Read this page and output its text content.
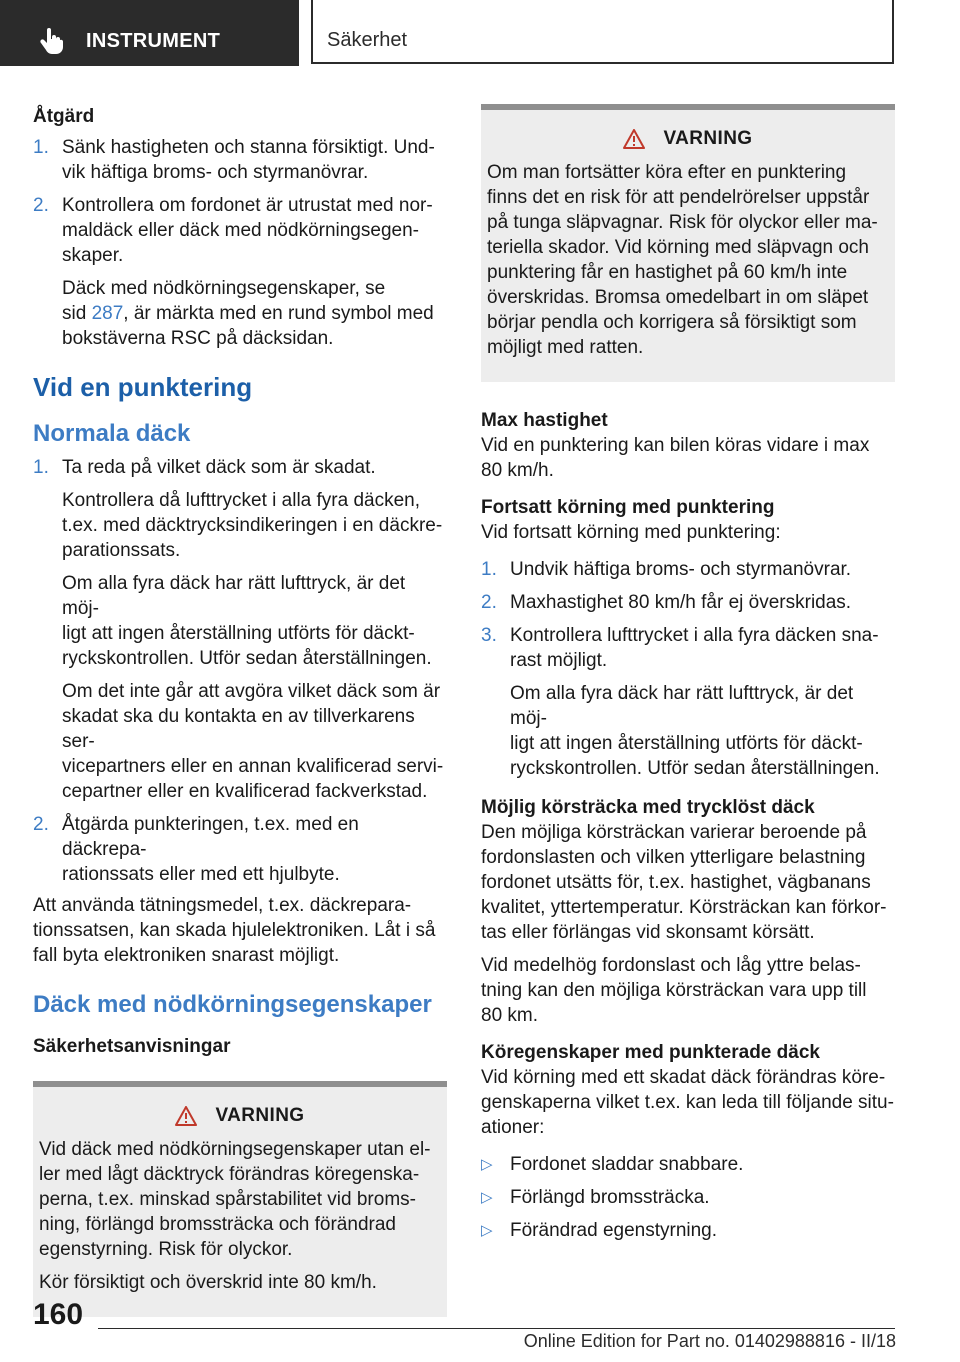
INSTRUMENT	Säkerhet
Åtgärd
1. Sänk hastigheten och stanna försiktigt. Und-
vik häftiga broms- och styrmanövrar.
2. Kontrollera om fordonet är utrustat med nor-
maldäck eller däck med nödkörningsegen-
skaper.
Däck med nödkörningsegenskaper, se
sid 287, är märkta med en rund symbol med
bokstäverna RSC på däcksidan.
Vid en punktering
Normala däck
1. Ta reda på vilket däck som är skadat.
Kontrollera då lufttrycket i alla fyra däcken,
t.ex. med däcktrycksindikeringen i en däckre-
parationssats.
Om alla fyra däck har rätt lufttryck, är det möj-
ligt att ingen återställning utförts för däckt-
ryckskontrollen. Utför sedan återställningen.
Om det inte går att avgöra vilket däck som är
skadat ska du kontakta en av tillverkarens ser-
vicepartners eller en annan kvalificerad servi-
cepartner eller en kvalificerad fackverkstad.
2. Åtgärda punkteringen, t.ex. med en däckrepa-
rationssats eller med ett hjulbyte.

Att använda tätningsmedel, t.ex. däckrepara-

tionssatsen, kan skada hjulelektroniken. Låt i så

fall byta elektroniken snarast möjligt.

Däck med nödkörningsegenskaper
Säkerhetsanvisningar
VARNING

Vid däck med nödkörningsegenskaper utan el-

ler med lågt däcktryck förändras köregenska-

perna, t.ex. minskad spårstabilitet vid broms-

ning, förlängd bromssträcka och förändrad

egenstyrning. Risk för olyckor.

Kör försiktigt och överskrid inte 80 km/h.

VARNING

Om man fortsätter köra efter en punktering

finns det en risk för att pendelrörelser uppstår

på tunga släpvagnar. Risk för olyckor eller ma-

teriella skador. Vid körning med släpvagn och

punktering får en hastighet på 60 km/h inte

överskridas. Bromsa omedelbart in om släpet

börjar pendla och korrigera så försiktigt som

möjligt med ratten.

Max hastighet

Vid en punktering kan bilen köras vidare i max

80 km/h.

Fortsatt körning med punktering

Vid fortsatt körning med punktering:

1. Undvik häftiga broms- och styrmanövrar.
2. Maxhastighet 80 km/h får ej överskridas.
3. Kontrollera lufttrycket i alla fyra däcken sna-
rast möjligt.
Om alla fyra däck har rätt lufttryck, är det möj-
ligt att ingen återställning utförts för däckt-
ryckskontrollen. Utför sedan återställningen.
Möjlig körsträcka med trycklöst däck

Den möjliga körsträckan varierar beroende på

fordonslasten och vilken ytterligare belastning

fordonet utsätts för, t.ex. hastighet, vägbanans

kvalitet, yttertemperatur. Körsträckan kan förkor-

tas eller förlängas vid skonsamt körsätt.

Vid medelhög fordonslast och låg yttre belas-

tning kan den möjliga körsträckan vara upp till

80 km.

Köregenskaper med punkterade däck

Vid körning med ett skadat däck förändras köre-

genskaperna vilket t.ex. kan leda till följande situ-

ationer:

▷ Fordonet sladdar snabbare.
▷ Förlängd bromssträcka.
▷ Förändrad egenstyrning.
160
Online Edition for Part no. 01402988816 - II/18
